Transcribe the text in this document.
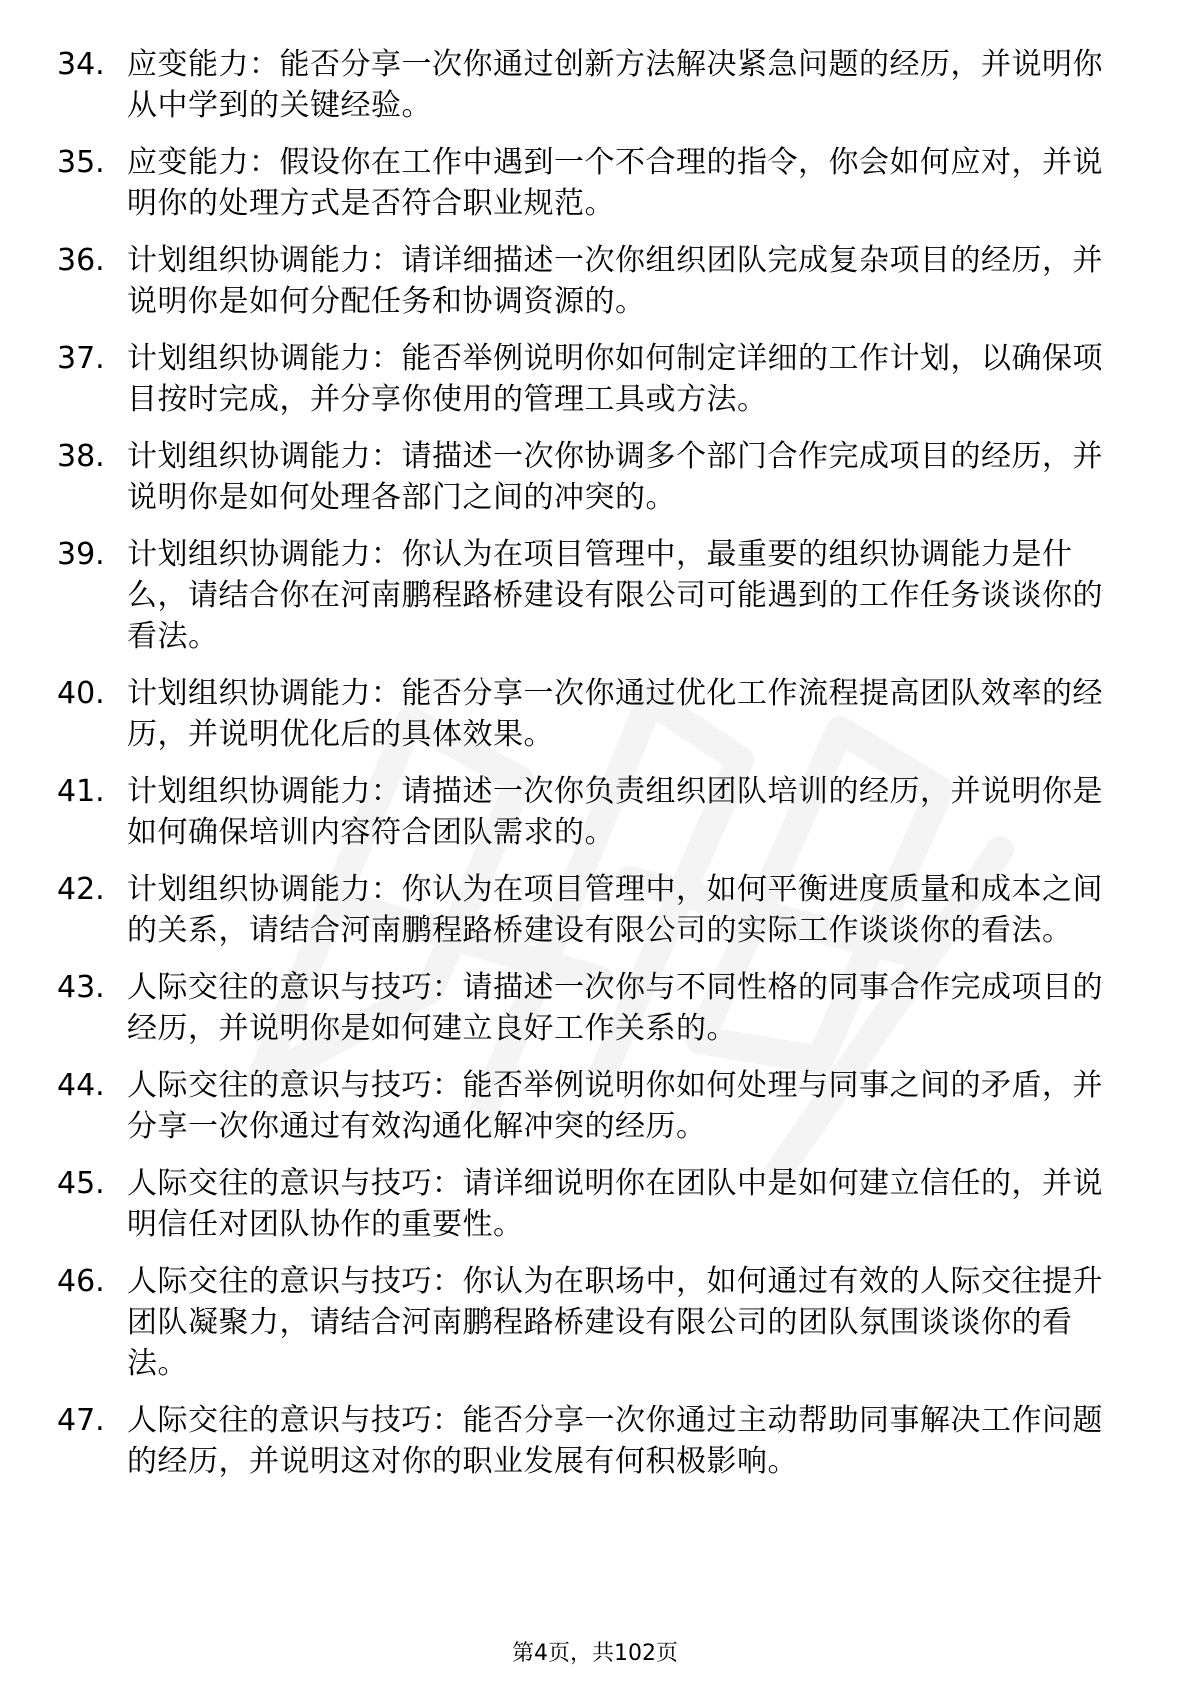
34. 应变能力：能否分享一次你通过创新方法解决紧急问题的经历，并说明你从中学到的关键经验。
35. 应变能力：假设你在工作中遇到一个不合理的指令，你会如何应对，并说明你的处理方式是否符合职业规范。
36. 计划组织协调能力：请详细描述一次你组织团队完成复杂项目的经历，并说明你是如何分配任务和协调资源的。
37. 计划组织协调能力：能否举例说明你如何制定详细的工作计划，以确保项目按时完成，并分享你使用的管理工具或方法。
38. 计划组织协调能力：请描述一次你协调多个部门合作完成项目的经历，并说明你是如何处理各部门之间的冲突的。
39. 计划组织协调能力：你认为在项目管理中，最重要的组织协调能力是什么，请结合你在河南鹏程路桥建设有限公司可能遇到的工作任务谈谈你的看法。
40. 计划组织协调能力：能否分享一次你通过优化工作流程提高团队效率的经历，并说明优化后的具体效果。
41. 计划组织协调能力：请描述一次你负责组织团队培训的经历，并说明你是如何确保培训内容符合团队需求的。
42. 计划组织协调能力：你认为在项目管理中，如何平衡进度质量和成本之间的关系，请结合河南鹏程路桥建设有限公司的实际工作谈谈你的看法。
43. 人际交往的意识与技巧：请描述一次你与不同性格的同事合作完成项目的经历，并说明你是如何建立良好工作关系的。
44. 人际交往的意识与技巧：能否举例说明你如何处理与同事之间的矛盾，并分享一次你通过有效沟通化解冲突的经历。
45. 人际交往的意识与技巧：请详细说明你在团队中是如何建立信任的，并说明信任对团队协作的重要性。
46. 人际交往的意识与技巧：你认为在职场中，如何通过有效的人际交往提升团队凝聚力，请结合河南鹏程路桥建设有限公司的团队氛围谈谈你的看法。
47. 人际交往的意识与技巧：能否分享一次你通过主动帮助同事解决工作问题的经历，并说明这对你的职业发展有何积极影响。
第4页，共102页
